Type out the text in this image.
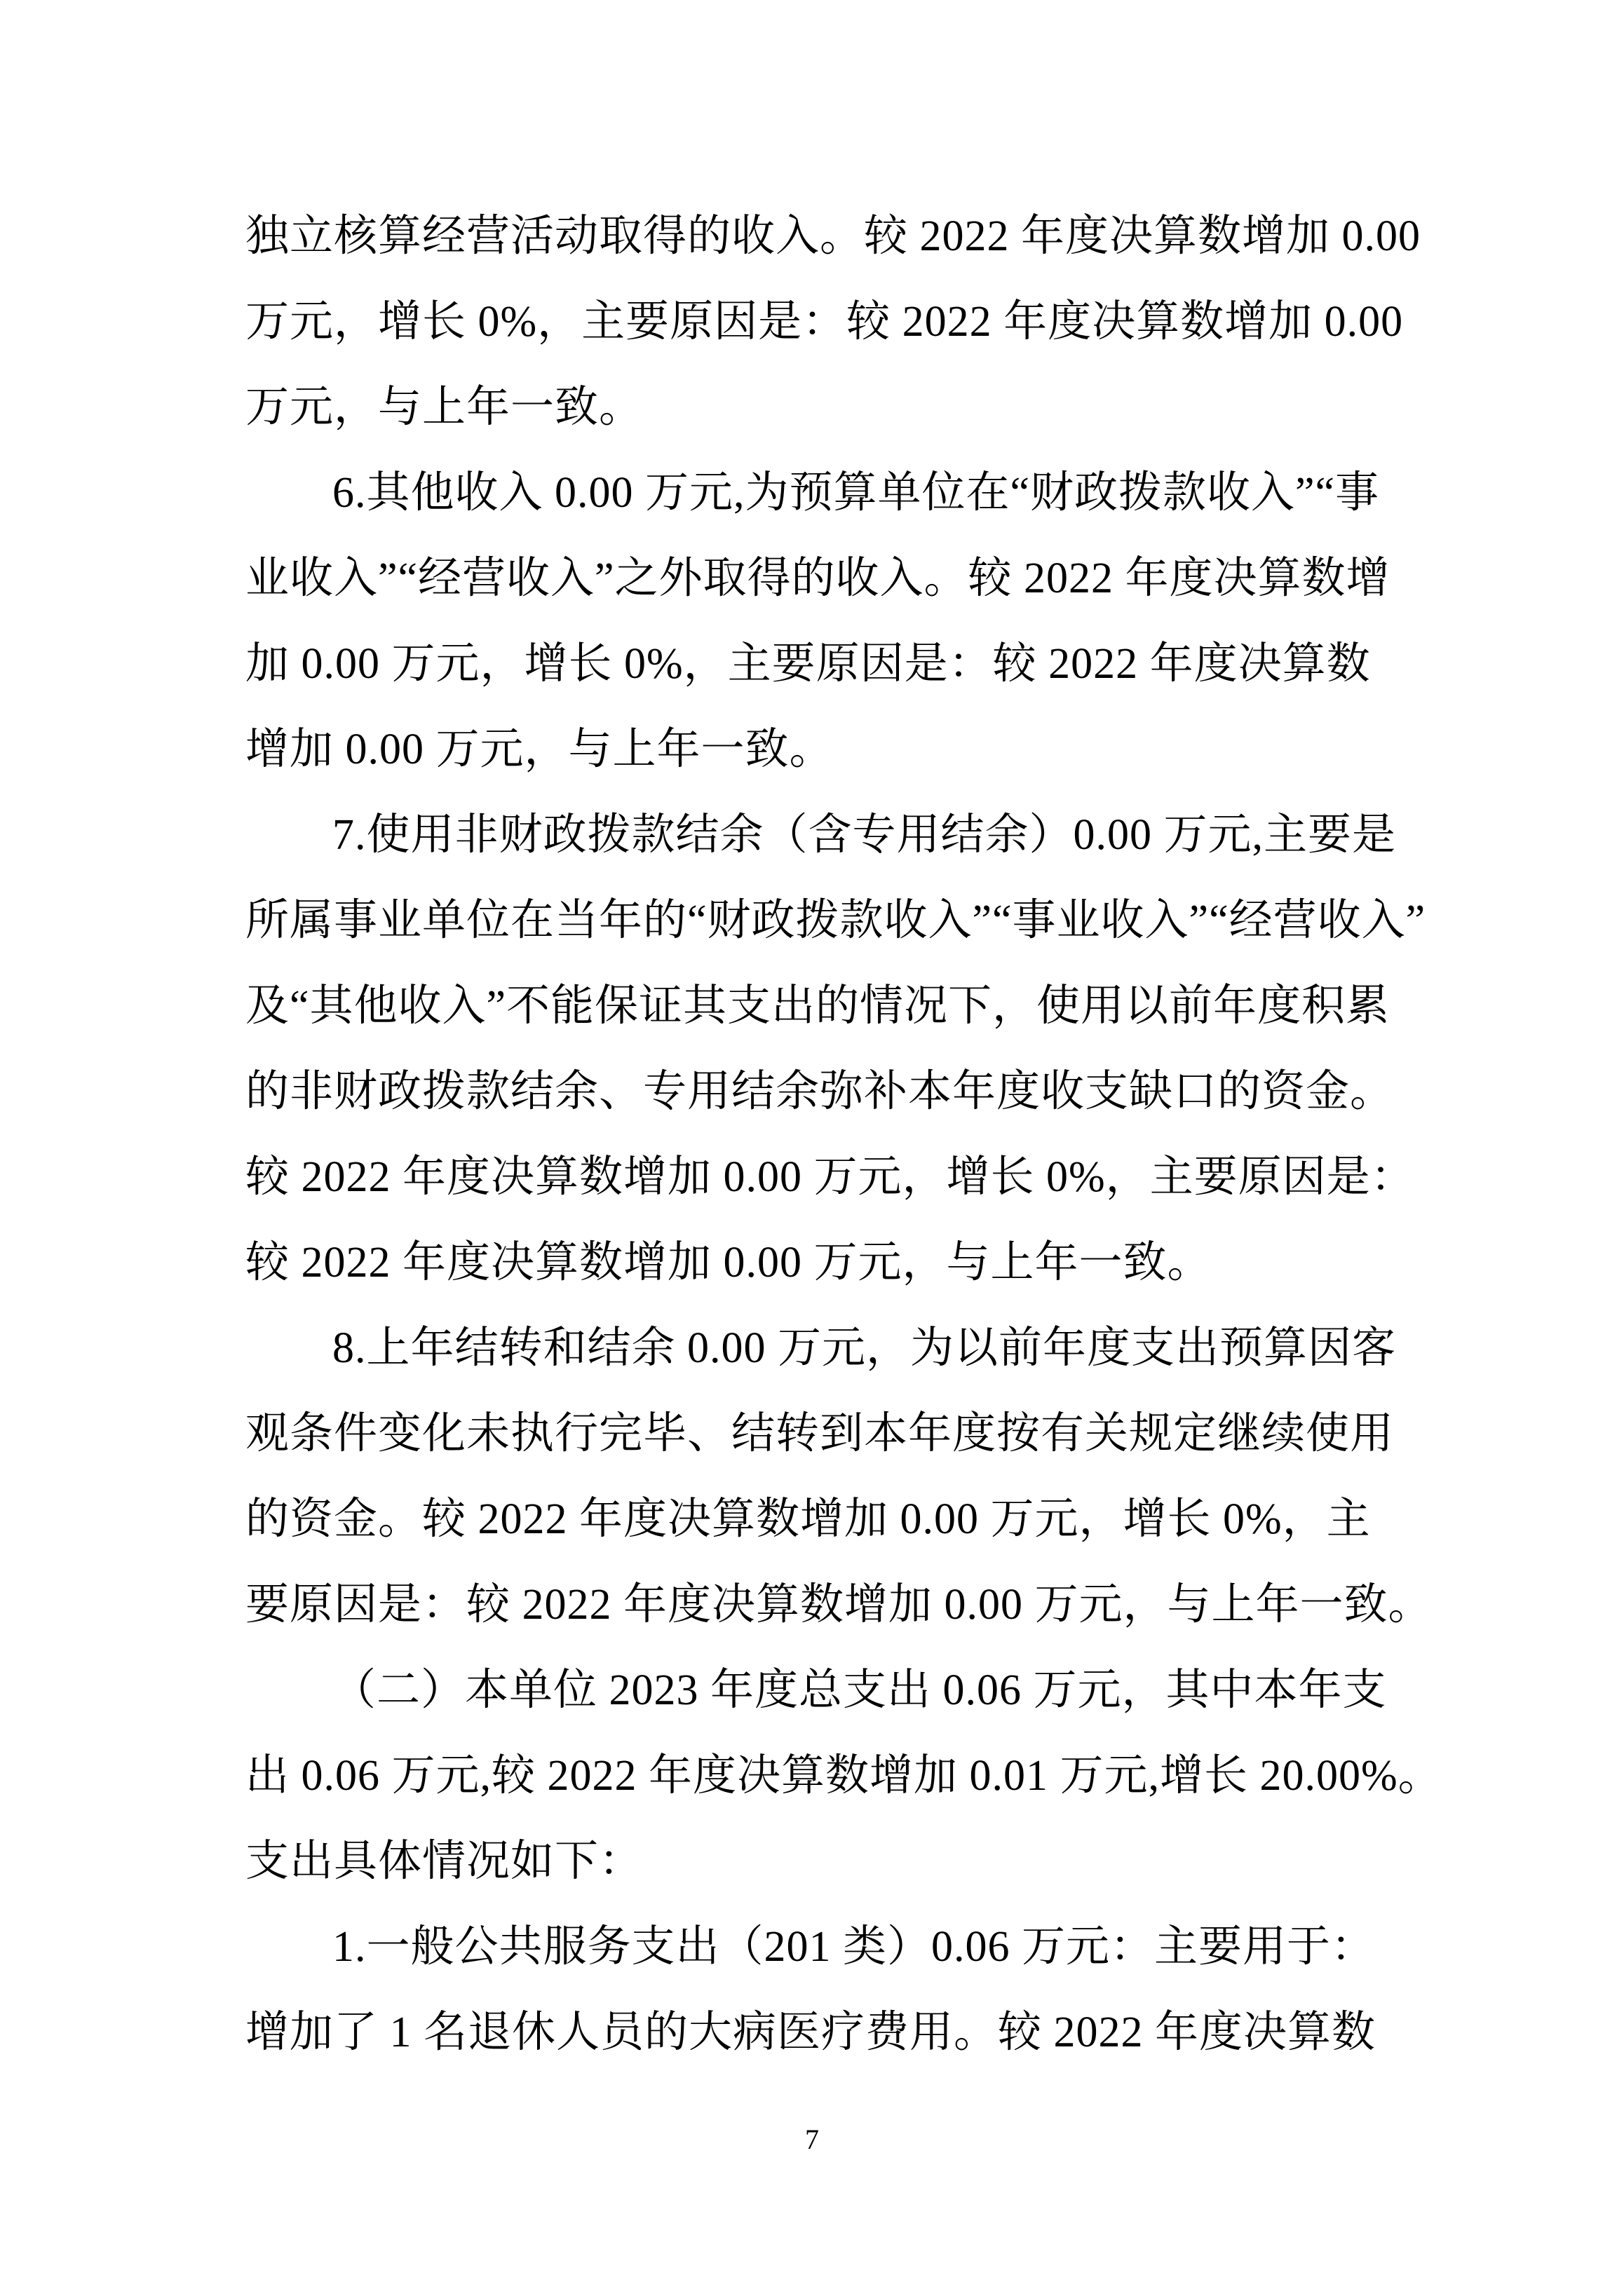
独立核算经营活动取得的收入。较 2022 年度决算数增加 0.00
万元，增长 0%，主要原因是：较 2022 年度决算数增加 0.00
万元，与上年一致。
6.其他收入 0.00 万元,为预算单位在“财政拨款收入”“事
业收入”“经营收入”之外取得的收入。较 2022 年度决算数增
加 0.00 万元，增长 0%，主要原因是：较 2022 年度决算数
增加 0.00 万元，与上年一致。
7.使用非财政拨款结余（含专用结余）0.00 万元,主要是
所属事业单位在当年的“财政拨款收入”“事业收入”“经营收入”
及“其他收入”不能保证其支出的情况下，使用以前年度积累
的非财政拨款结余、专用结余弥补本年度收支缺口的资金。
较 2022 年度决算数增加 0.00 万元，增长 0%，主要原因是：
较 2022 年度决算数增加 0.00 万元，与上年一致。
8.上年结转和结余 0.00 万元，为以前年度支出预算因客
观条件变化未执行完毕、结转到本年度按有关规定继续使用
的资金。较 2022 年度决算数增加 0.00 万元，增长 0%，主
要原因是：较 2022 年度决算数增加 0.00 万元，与上年一致。
（二）本单位 2023 年度总支出 0.06 万元，其中本年支
出 0.06 万元,较 2022 年度决算数增加 0.01 万元,增长 20.00%。
支出具体情况如下：
1.一般公共服务支出（201 类）0.06 万元：主要用于：
增加了 1 名退休人员的大病医疗费用。较 2022 年度决算数
7
